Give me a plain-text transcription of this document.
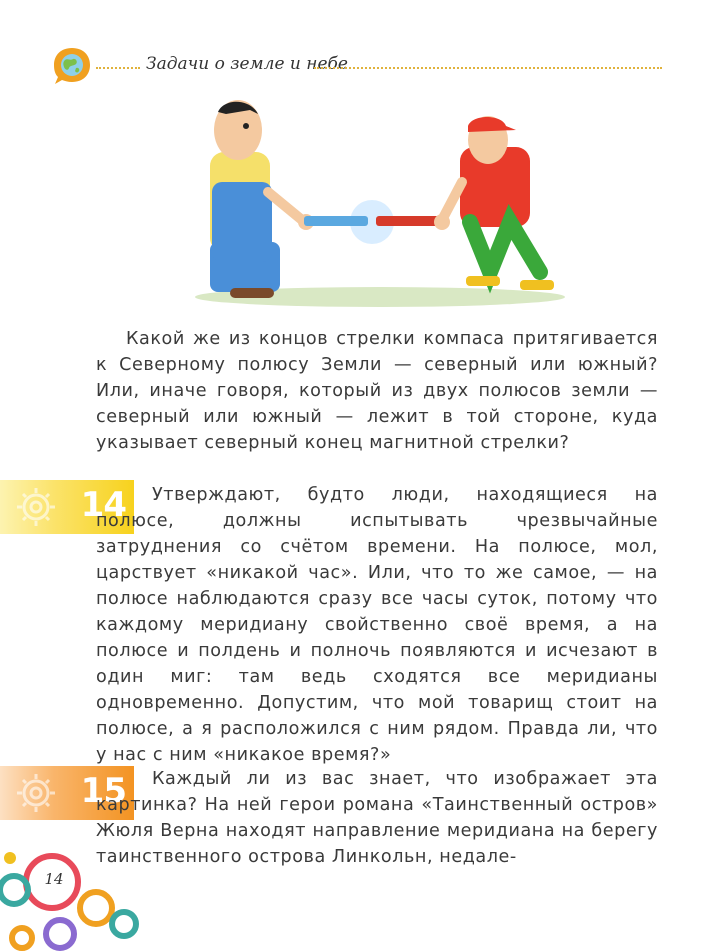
Задачи о земле и небе

Какой же из концов стрелки компаса притягивается к Северному полюсу Земли — северный или южный? Или, иначе говоря, который из двух полюсов земли — северный или южный — лежит в той стороне, куда указывает северный конец магнитной стрелки?

14	Утверждают, будто люди, находящиеся на полюсе, должны испытывать чрезвычайные затруднения со счётом времени. На полюсе, мол, царствует «никакой час». Или, что то же самое, — на полюсе наблюдаются сразу все часы суток, потому что каждому меридиану свойственно своё время, а на полюсе и полдень и полночь появляются и исчезают в один миг: там ведь сходятся все меридианы одновременно. Допустим, что мой товарищ стоит на полюсе, а я расположился с ним рядом. Правда ли, что у нас с ним «никакое время?»

15	Каждый ли из вас знает, что изображает эта картинка? На ней герои романа «Таинственный остров» Жюля Верна находят направление меридиана на берегу таинственного острова Линкольн, недале-

14
